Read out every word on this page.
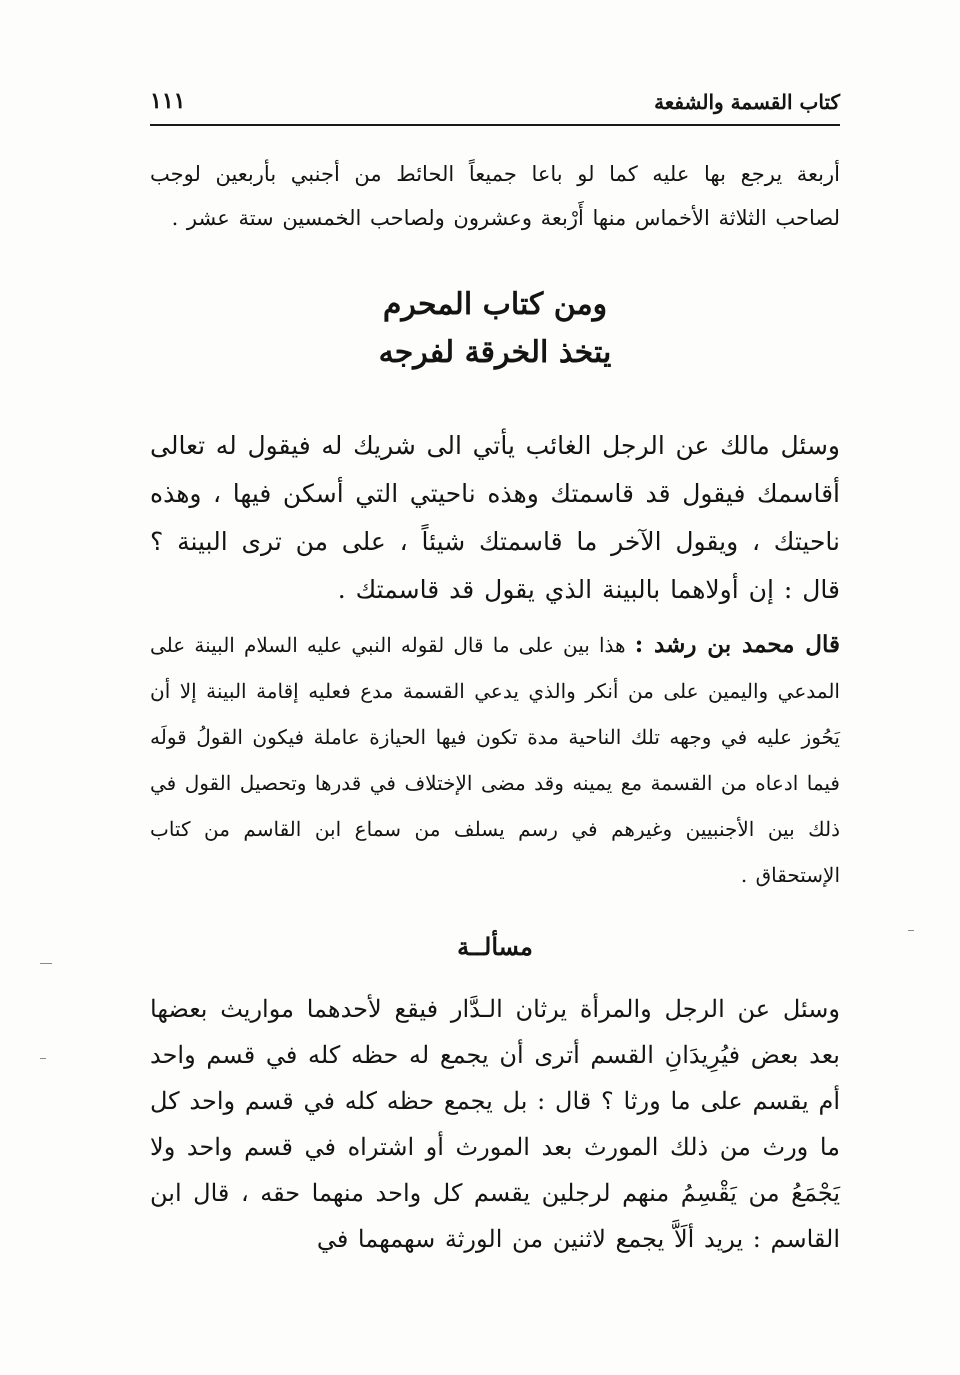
كتاب القسمة والشفعة
١١١

أربعة يرجع بها عليه كما لو باعا جميعاً الحائط من أجنبي بأربعين لوجب لصاحب الثلاثة الأخماس منها أَرْبعة وعشرون ولصاحب الخمسين ستة عشر .

ومن كتاب المحرم
يتخذ الخرقة لفرجه

وسئل مالك عن الرجل الغائب يأتي الى شريك له فيقول له تعالى أقاسمك فيقول قد قاسمتك وهذه ناحيتي التي أسكن فيها ، وهذه ناحيتك ، ويقول الآخر ما قاسمتك شيئاً ، على من ترى البينة ؟ قال : إن أولاهما بالبينة الذي يقول قد قاسمتك .

قال محمد بن رشد : هذا بين على ما قال لقوله النبي عليه السلام البينة على المدعي واليمين على من أنكر والذي يدعي القسمة مدع فعليه إقامة البينة إلا أن يَحُوز عليه في وجهه تلك الناحية مدة تكون فيها الحيازة عاملة فيكون القولُ قولَه فيما ادعاه من القسمة مع يمينه وقد مضى الإختلاف في قدرها وتحصيل القول في ذلك بين الأجنبيين وغيرهم في رسم يسلف من سماع ابن القاسم من كتاب الإستحقاق .

مسألــة

وسئل عن الرجل والمرأة يرثان الـدَّار فيقع لأحدهما مواريث بعضها بعد بعض فيُرِيدَانِ القسم أترى أن يجمع له حظه كله في قسم واحد أم يقسم على ما ورثا ؟ قال : بل يجمع حظه كله في قسم واحد كل ما ورث من ذلك المورث بعد المورث أو اشتراه في قسم واحد ولا يَجْمَعُ من يَقْسِمُ منهم لرجلين يقسم كل واحد منهما حقه ، قال ابن القاسم : يريد ألَاَّ يجمع لاثنين من الورثة سهمهما في
